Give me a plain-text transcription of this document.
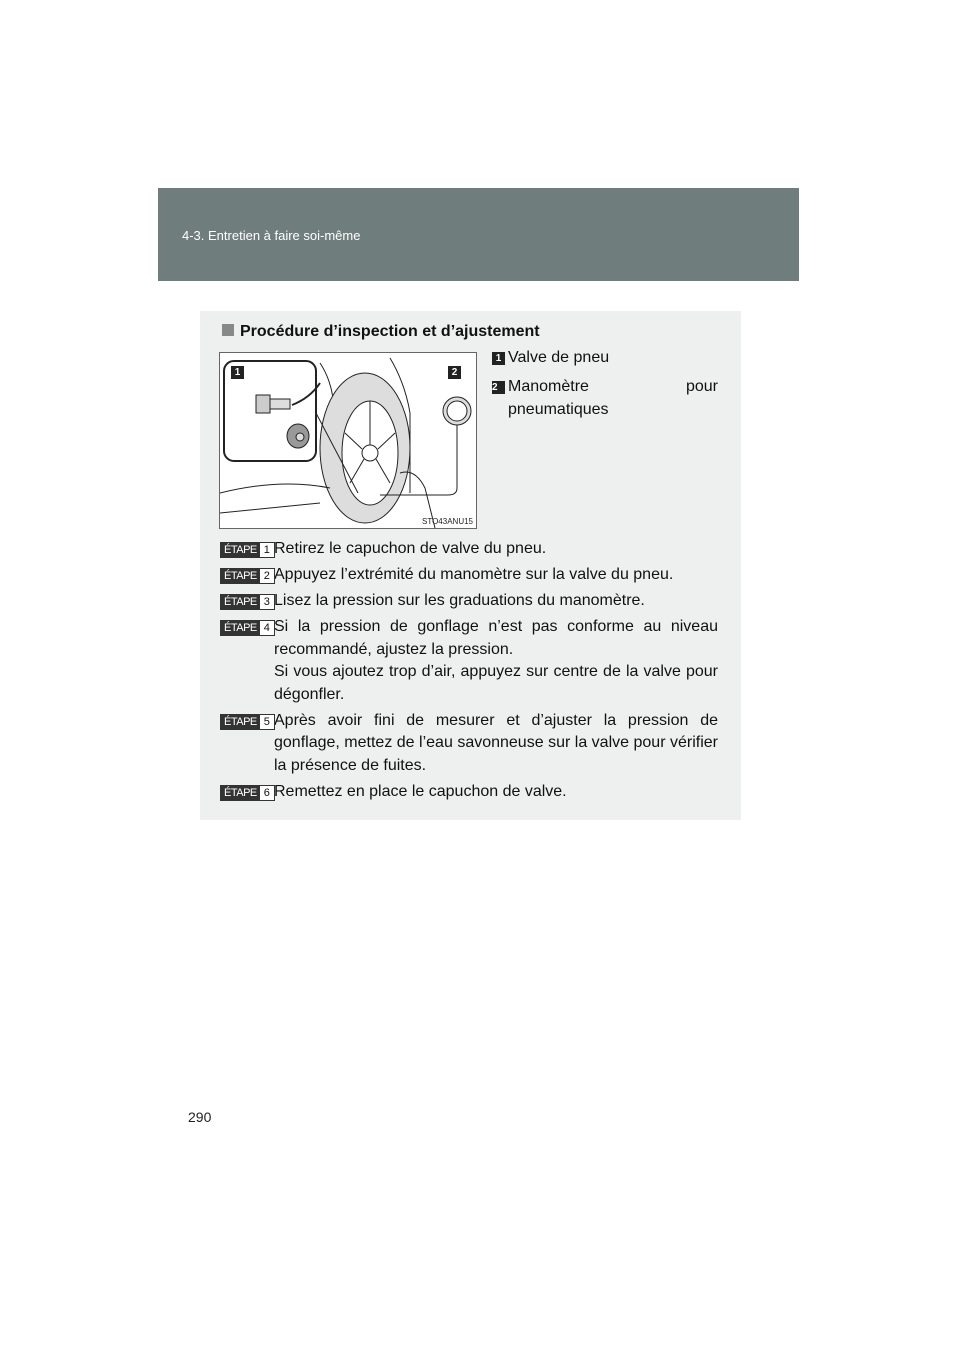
4-3. Entretien à faire soi-même
Procédure d’inspection et d’ajustement
1	2
STO43ANU15
1 Valve de pneu
2 Manomètre pour pneumatiques
ÉTAPE 1 Retirez le capuchon de valve du pneu.
ÉTAPE 2 Appuyez l’extrémité du manomètre sur la valve du pneu.
ÉTAPE 3 Lisez la pression sur les graduations du manomètre.
ÉTAPE 4 Si la pression de gonflage n’est pas conforme au niveau recommandé, ajustez la pression.
Si vous ajoutez trop d’air, appuyez sur centre de la valve pour dégonfler.
ÉTAPE 5 Après avoir fini de mesurer et d’ajuster la pression de gonflage, mettez de l’eau savonneuse sur la valve pour vérifier la présence de fuites.
ÉTAPE 6 Remettez en place le capuchon de valve.
290
